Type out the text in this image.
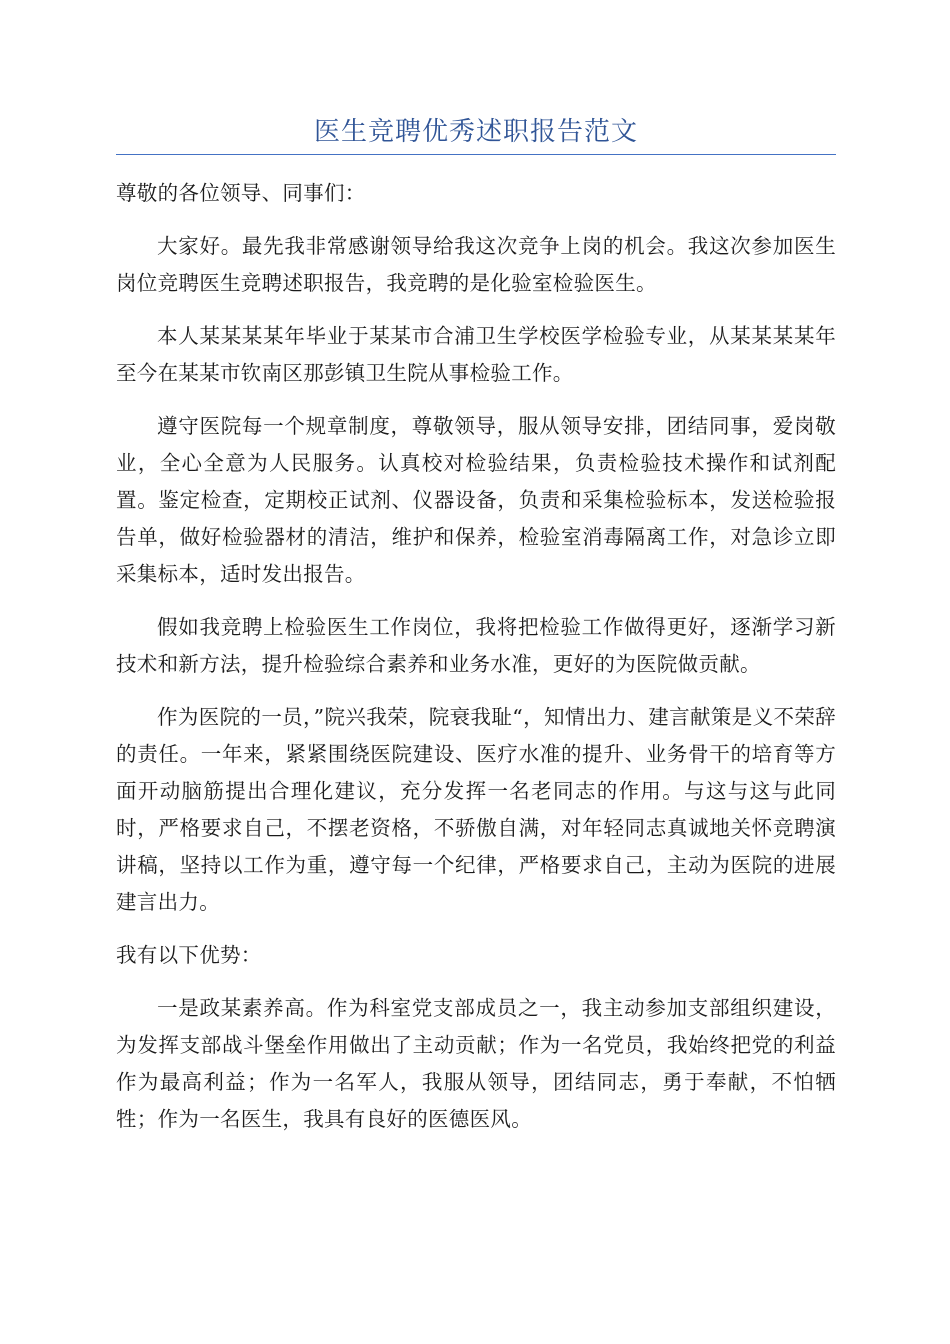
医生竞聘优秀述职报告范文

尊敬的各位领导、同事们：

大家好。最先我非常感谢领导给我这次竞争上岗的机会。我这次参加医生岗位竞聘医生竞聘述职报告，我竞聘的是化验室检验医生。

本人某某某某年毕业于某某市合浦卫生学校医学检验专业，从某某某某年至今在某某市钦南区那彭镇卫生院从事检验工作。

遵守医院每一个规章制度，尊敬领导，服从领导安排，团结同事，爱岗敬业，全心全意为人民服务。认真校对检验结果，负责检验技术操作和试剂配置。鉴定检查，定期校正试剂、仪器设备，负责和采集检验标本，发送检验报告单，做好检验器材的清洁，维护和保养，检验室消毒隔离工作，对急诊立即采集标本，适时发出报告。

假如我竞聘上检验医生工作岗位，我将把检验工作做得更好，逐渐学习新技术和新方法，提升检验综合素养和业务水准，更好的为医院做贡献。

作为医院的一员，”院兴我荣，院衰我耻“，知情出力、建言献策是义不荣辞的责任。一年来，紧紧围绕医院建设、医疗水准的提升、业务骨干的培育等方面开动脑筋提出合理化建议，充分发挥一名老同志的作用。与这与这与此同时，严格要求自己，不摆老资格，不骄傲自满，对年轻同志真诚地关怀竞聘演讲稿，坚持以工作为重，遵守每一个纪律，严格要求自己，主动为医院的进展建言出力。

我有以下优势：

一是政某素养高。作为科室党支部成员之一，我主动参加支部组织建设，为发挥支部战斗堡垒作用做出了主动贡献；作为一名党员，我始终把党的利益作为最高利益；作为一名军人，我服从领导，团结同志，勇于奉献，不怕牺牲；作为一名医生，我具有良好的医德医风。
